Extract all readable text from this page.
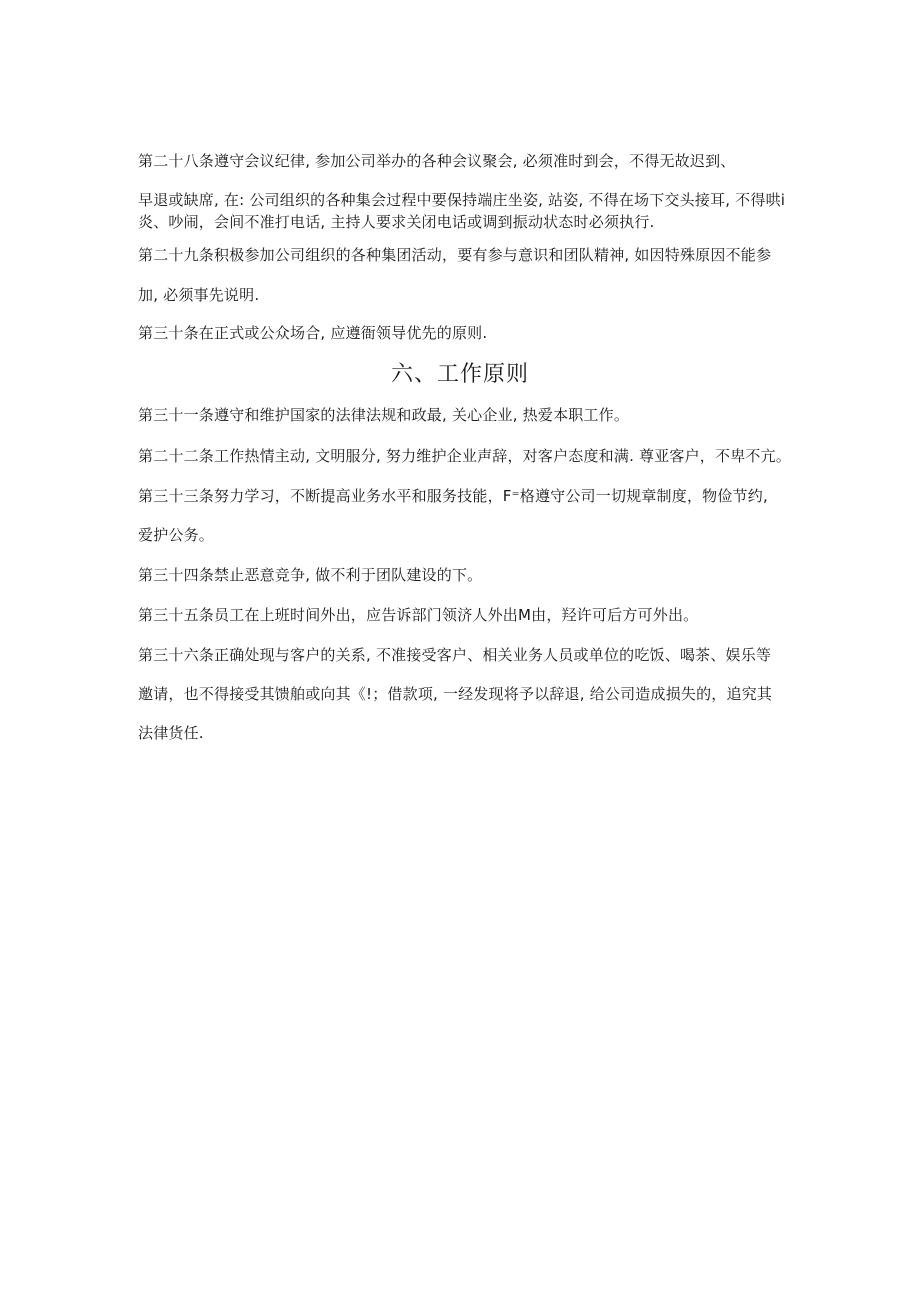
第二十八条遵守会议纪律, 参加公司举办的各种会议聚会, 必须准时到会，不得无故迟到、
早退或缺席, 在: 公司组织的各种集会过程中要保持端庄坐姿, 站姿, 不得在场下交头接耳, 不得哄i
炎、吵闹，会间不准打电话, 主持人要求关闭电话或调到振动状态时必须执行.
第二十九条积极参加公司组织的各种集团活动，要有参与意识和团队精神, 如因特殊原因不能参
加, 必须事先说明.
第三十条在正式或公众场合, 应遵衙领导优先的原则.
六、工作原则
第三十一条遵守和维护国家的法律法规和政最, 关心企业, 热爱本职工作。
第二十二条工作热情主动, 文明服分, 努力维护企业声辞，对客户态度和满. 尊亚客户，不卑不亢。
第三十三条努力学习，不断提高业务水平和服务技能，F⁼格遵守公司一切规章制度，物俭节约,
爱护公务。
第三十四条禁止恶意竞争, 做不利于团队建设的下。
第三十五条员工在上班时间外出，应告诉部门领济人外出M由，羟许可后方可外出。
第三十六条正确处现与客户的关系, 不准接受客户、相关业务人员或单位的吃饭、喝茶、娱乐等
邀请，也不得接受其馈舶或向其《!；借款项, 一经发现将予以辞退, 给公司造成损失的，追究其
法律货任.
